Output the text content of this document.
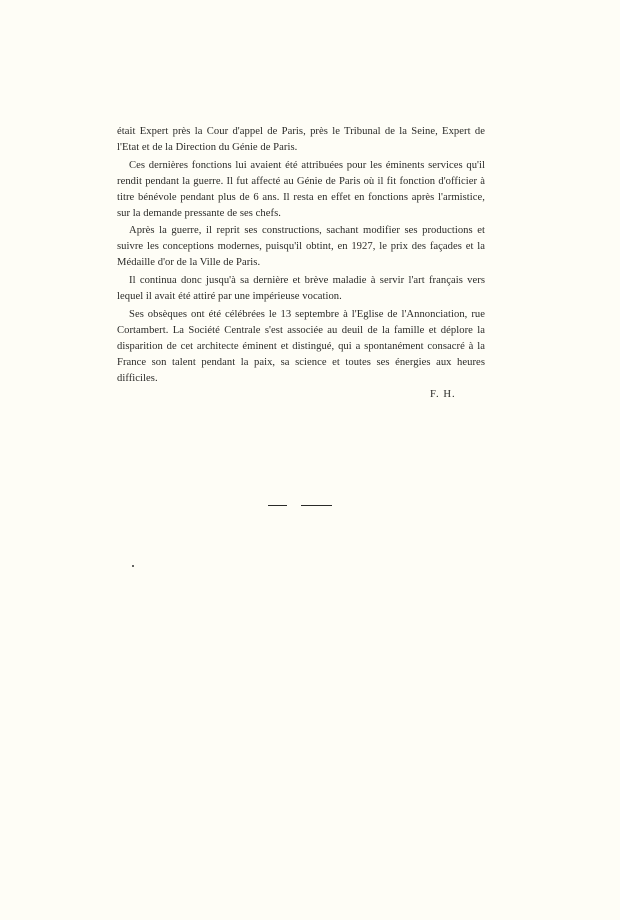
était Expert près la Cour d'appel de Paris, près le Tribunal de la Seine, Expert de l'Etat et de la Direction du Génie de Paris.

Ces dernières fonctions lui avaient été attribuées pour les éminents services qu'il rendit pendant la guerre. Il fut affecté au Génie de Paris où il fit fonction d'officier à titre bénévole pendant plus de 6 ans. Il resta en effet en fonctions après l'armistice, sur la demande pressante de ses chefs.

Après la guerre, il reprit ses constructions, sachant modifier ses productions et suivre les conceptions modernes, puisqu'il obtint, en 1927, le prix des façades et la Médaille d'or de la Ville de Paris.

Il continua donc jusqu'à sa dernière et brève maladie à servir l'art français vers lequel il avait été attiré par une impérieuse vocation.

Ses obsèques ont été célébrées le 13 septembre à l'Eglise de l'Annonciation, rue Cortambert. La Société Centrale s'est associée au deuil de la famille et déplore la disparition de cet architecte éminent et distingué, qui a spontanément consacré à la France son talent pendant la paix, sa science et toutes ses énergies aux heures difficiles.

F. H.
